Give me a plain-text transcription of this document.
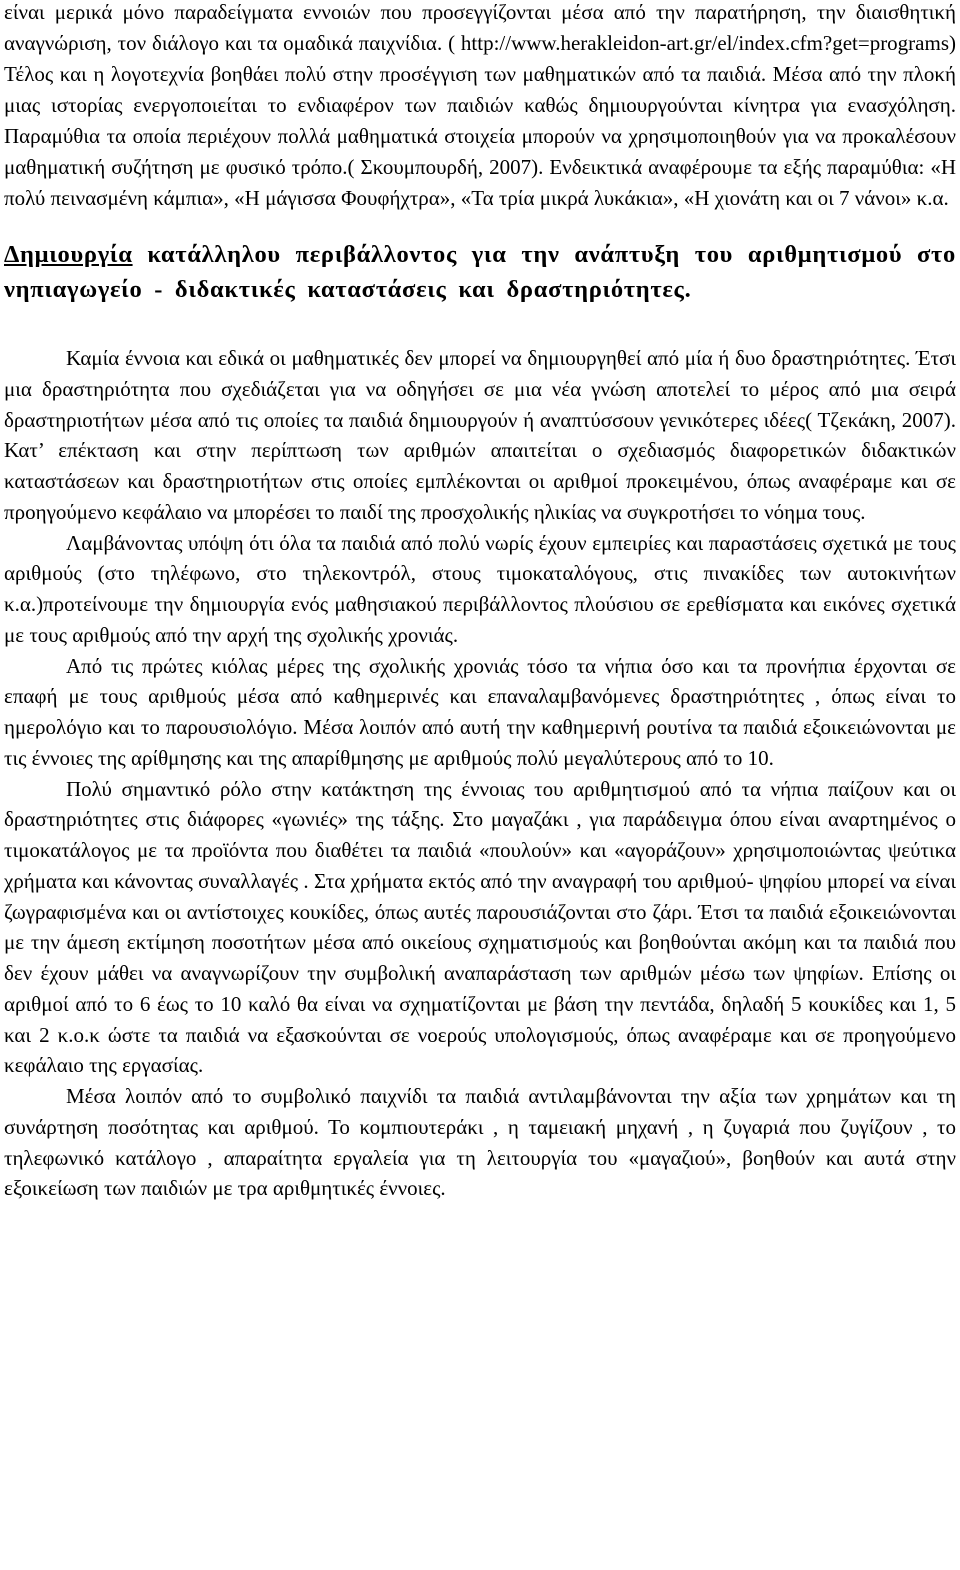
είναι μερικά μόνο παραδείγματα εννοιών που προσεγγίζονται μέσα από την παρατήρηση, την διαισθητική αναγνώριση, τον διάλογο και τα ομαδικά παιχνίδια. ( http://www.herakleidon-art.gr/el/index.cfm?get=programs) Τέλος και η λογοτεχνία βοηθάει πολύ στην προσέγγιση των μαθηματικών από τα παιδιά. Μέσα από την πλοκή μιας ιστορίας ενεργοποιείται το ενδιαφέρον των παιδιών καθώς δημιουργούνται κίνητρα για ενασχόληση. Παραμύθια τα οποία περιέχουν πολλά μαθηματικά στοιχεία μπορούν να χρησιμοποιηθούν για να προκαλέσουν μαθηματική συζήτηση με φυσικό τρόπο.( Σκουμπουρδή, 2007). Ενδεικτικά αναφέρουμε τα εξής παραμύθια: «Η πολύ πεινασμένη κάμπια», «Η μάγισσα Φουφήχτρα», «Τα τρία μικρά λυκάκια», «Η χιονάτη και οι 7 νάνοι» κ.α.

Δημιουργία κατάλληλου περιβάλλοντος για την ανάπτυξη του αριθμητισμού στο νηπιαγωγείο - διδακτικές καταστάσεις και δραστηριότητες.

Καμία έννοια και εδικά οι μαθηματικές δεν μπορεί να δημιουργηθεί από μία ή δυο δραστηριότητες. Έτσι μια δραστηριότητα που σχεδιάζεται για να οδηγήσει σε μια νέα γνώση αποτελεί το μέρος από μια σειρά δραστηριοτήτων μέσα από τις οποίες τα παιδιά δημιουργούν ή αναπτύσσουν γενικότερες ιδέες( Τζεκάκη, 2007). Κατ’ επέκταση και στην περίπτωση των αριθμών απαιτείται ο σχεδιασμός διαφορετικών διδακτικών καταστάσεων και δραστηριοτήτων στις οποίες εμπλέκονται οι αριθμοί προκειμένου, όπως αναφέραμε και σε προηγούμενο κεφάλαιο να μπορέσει το παιδί της προσχολικής ηλικίας να συγκροτήσει το νόημα τους.

Λαμβάνοντας υπόψη ότι όλα τα παιδιά από πολύ νωρίς έχουν εμπειρίες και παραστάσεις σχετικά με τους αριθμούς (στο τηλέφωνο, στο τηλεκοντρόλ, στους τιμοκαταλόγους, στις πινακίδες των αυτοκινήτων κ.α.)προτείνουμε την δημιουργία ενός μαθησιακού περιβάλλοντος πλούσιου σε ερεθίσματα και εικόνες σχετικά με τους αριθμούς από την αρχή της σχολικής χρονιάς.

Από τις πρώτες κιόλας μέρες της σχολικής χρονιάς τόσο τα νήπια όσο και τα προνήπια έρχονται σε επαφή με τους αριθμούς μέσα από καθημερινές και επαναλαμβανόμενες δραστηριότητες , όπως είναι το ημερολόγιο και το παρουσιολόγιο. Μέσα λοιπόν από αυτή την καθημερινή ρουτίνα τα παιδιά εξοικειώνονται με τις έννοιες της αρίθμησης και της απαρίθμησης με αριθμούς πολύ μεγαλύτερους από το 10.

Πολύ σημαντικό ρόλο στην κατάκτηση της έννοιας του αριθμητισμού από τα νήπια παίζουν και οι δραστηριότητες στις διάφορες «γωνιές» της τάξης. Στο μαγαζάκι , για παράδειγμα όπου είναι αναρτημένος ο τιμοκατάλογος με τα προϊόντα που διαθέτει τα παιδιά «πουλούν» και «αγοράζουν» χρησιμοποιώντας ψεύτικα χρήματα και κάνοντας συναλλαγές . Στα χρήματα εκτός από την αναγραφή του αριθμού- ψηφίου μπορεί να είναι ζωγραφισμένα και οι αντίστοιχες κουκίδες, όπως αυτές παρουσιάζονται στο ζάρι. Έτσι τα παιδιά εξοικειώνονται με την άμεση εκτίμηση ποσοτήτων μέσα από οικείους σχηματισμούς και βοηθούνται ακόμη και τα παιδιά που δεν έχουν μάθει να αναγνωρίζουν την συμβολική αναπαράσταση των αριθμών μέσω των ψηφίων. Επίσης οι αριθμοί από το 6 έως το 10 καλό θα είναι να σχηματίζονται με βάση την πεντάδα, δηλαδή 5 κουκίδες και 1, 5 και 2 κ.ο.κ ώστε τα παιδιά να εξασκούνται σε νοερούς υπολογισμούς, όπως αναφέραμε και σε προηγούμενο κεφάλαιο της εργασίας.

Μέσα λοιπόν από το συμβολικό παιχνίδι τα παιδιά αντιλαμβάνονται την αξία των χρημάτων και τη συνάρτηση ποσότητας και αριθμού. Το κομπιουτεράκι , η ταμειακή μηχανή , η ζυγαριά που ζυγίζουν , το τηλεφωνικό κατάλογο , απαραίτητα εργαλεία για τη λειτουργία του «μαγαζιού», βοηθούν και αυτά στην εξοικείωση των παιδιών με τρα αριθμητικές έννοιες.
